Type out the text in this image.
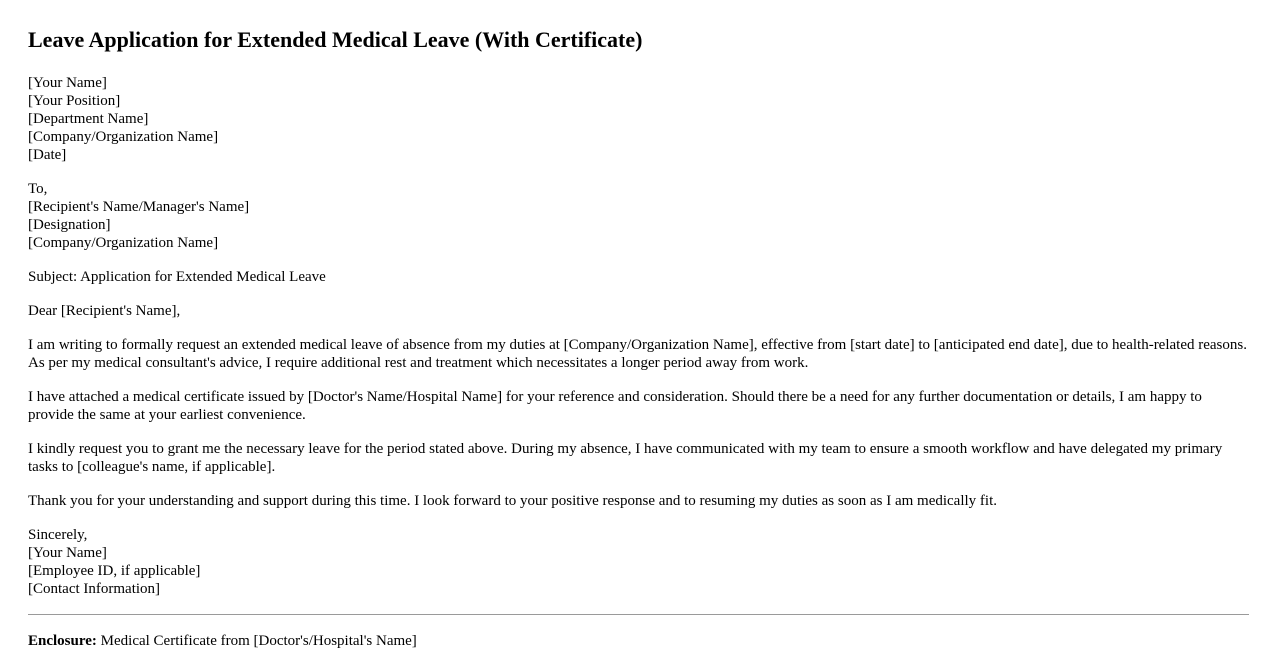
Leave Application for Extended Medical Leave (With Certificate)
[Your Name]
[Your Position]
[Department Name]
[Company/Organization Name]
[Date]
To,
[Recipient's Name/Manager's Name]
[Designation]
[Company/Organization Name]

Subject: Application for Extended Medical Leave

Dear [Recipient's Name],

I am writing to formally request an extended medical leave of absence from my duties at [Company/Organization Name], effective from [start date] to [anticipated end date], due to health-related reasons. As per my medical consultant's advice, I require additional rest and treatment which necessitates a longer period away from work.

I have attached a medical certificate issued by [Doctor's Name/Hospital Name] for your reference and consideration. Should there be a need for any further documentation or details, I am happy to provide the same at your earliest convenience.

I kindly request you to grant me the necessary leave for the period stated above. During my absence, I have communicated with my team to ensure a smooth workflow and have delegated my primary tasks to [colleague's name, if applicable].

Thank you for your understanding and support during this time. I look forward to your positive response and to resuming my duties as soon as I am medically fit.

Sincerely,
[Your Name]
[Employee ID, if applicable]
[Contact Information]
Enclosure: Medical Certificate from [Doctor's/Hospital's Name]
